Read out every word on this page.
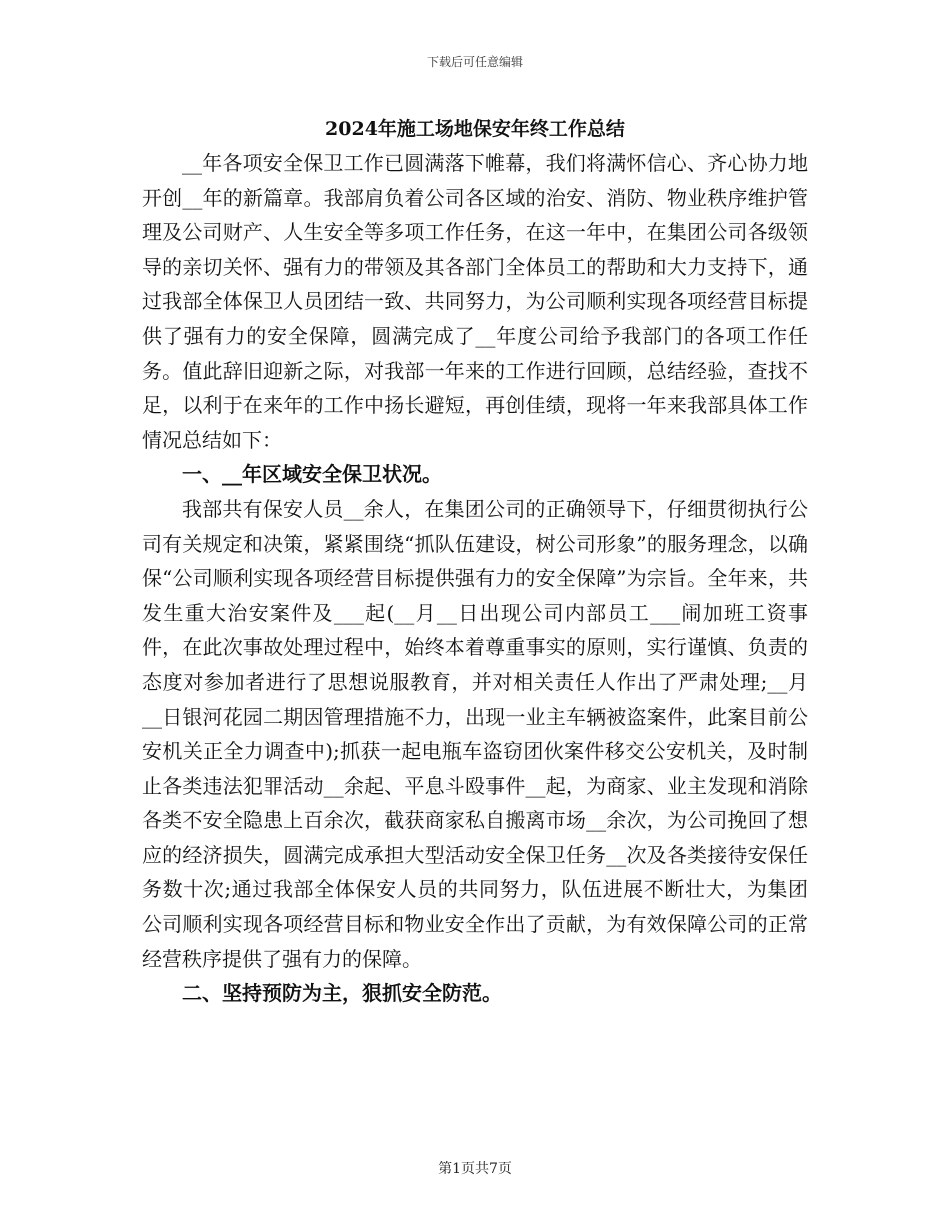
下载后可任意编辑
2024年施工场地保安年终工作总结

__年各项安全保卫工作已圆满落下帷幕，我们将满怀信心、齐心协力地开创__年的新篇章。我部肩负着公司各区域的治安、消防、物业秩序维护管理及公司财产、人生安全等多项工作任务，在这一年中，在集团公司各级领导的亲切关怀、强有力的带领及其各部门全体员工的帮助和大力支持下，通过我部全体保卫人员团结一致、共同努力，为公司顺利实现各项经营目标提供了强有力的安全保障，圆满完成了__年度公司给予我部门的各项工作任务。值此辞旧迎新之际，对我部一年来的工作进行回顾，总结经验，查找不足，以利于在来年的工作中扬长避短，再创佳绩，现将一年来我部具体工作情况总结如下：

一、__年区域安全保卫状况。

我部共有保安人员__余人，在集团公司的正确领导下，仔细贯彻执行公司有关规定和决策，紧紧围绕“抓队伍建设，树公司形象”的服务理念，以确保“公司顺利实现各项经营目标提供强有力的安全保障”为宗旨。全年来，共发生重大治安案件及___起(__月__日出现公司内部员工___闹加班工资事件，在此次事故处理过程中，始终本着尊重事实的原则，实行谨慎、负责的态度对参加者进行了思想说服教育，并对相关责任人作出了严肃处理;__月__日银河花园二期因管理措施不力，出现一业主车辆被盗案件，此案目前公安机关正全力调查中);抓获一起电瓶车盗窃团伙案件移交公安机关，及时制止各类违法犯罪活动__余起、平息斗殴事件__起，为商家、业主发现和消除各类不安全隐患上百余次，截获商家私自搬离市场__余次，为公司挽回了想应的经济损失，圆满完成承担大型活动安全保卫任务__次及各类接待安保任务数十次;通过我部全体保安人员的共同努力，队伍进展不断壮大，为集团公司顺利实现各项经营目标和物业安全作出了贡献，为有效保障公司的正常经营秩序提供了强有力的保障。

二、坚持预防为主，狠抓安全防范。
第1页共7页
